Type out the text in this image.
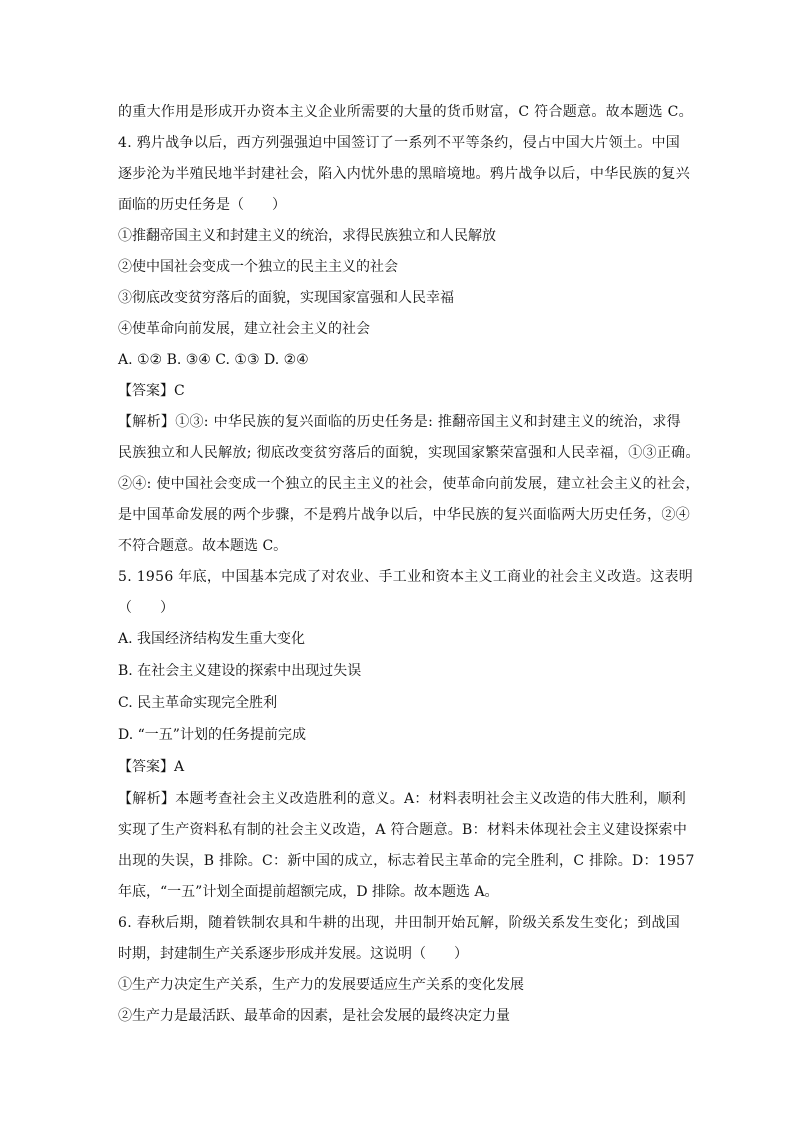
的重大作用是形成开办资本主义企业所需要的大量的货币财富，C 符合题意。故本题选 C。
4. 鸦片战争以后，西方列强强迫中国签订了一系列不平等条约，侵占中国大片领土。中国
逐步沦为半殖民地半封建社会，陷入内忧外患的黑暗境地。鸦片战争以后，中华民族的复兴
面临的历史任务是（　　）
①推翻帝国主义和封建主义的统治，求得民族独立和人民解放
②使中国社会变成一个独立的民主主义的社会
③彻底改变贫穷落后的面貌，实现国家富强和人民幸福
④使革命向前发展，建立社会主义的社会
A. ①② B. ③④ C. ①③ D. ②④
【答案】C
【解析】①③: 中华民族的复兴面临的历史任务是: 推翻帝国主义和封建主义的统治，求得
民族独立和人民解放; 彻底改变贫穷落后的面貌，实现国家繁荣富强和人民幸福，①③正确。
②④: 使中国社会变成一个独立的民主主义的社会，使革命向前发展，建立社会主义的社会，
是中国革命发展的两个步骤，不是鸦片战争以后，中华民族的复兴面临两大历史任务，②④
不符合题意。故本题选 C。
5. 1956 年底，中国基本完成了对农业、手工业和资本主义工商业的社会主义改造。这表明
（　　）
A. 我国经济结构发生重大变化
B. 在社会主义建设的探索中出现过失误
C. 民主革命实现完全胜利
D. “一五”计划的任务提前完成
【答案】A
【解析】本题考查社会主义改造胜利的意义。A：材料表明社会主义改造的伟大胜利，顺利
实现了生产资料私有制的社会主义改造，A 符合题意。B：材料未体现社会主义建设探索中
出现的失误，B 排除。C：新中国的成立，标志着民主革命的完全胜利，C 排除。D：1957
年底，“一五”计划全面提前超额完成，D 排除。故本题选 A。
6. 春秋后期，随着铁制农具和牛耕的出现，井田制开始瓦解，阶级关系发生变化；到战国
时期，封建制生产关系逐步形成并发展。这说明（　　）
①生产力决定生产关系，生产力的发展要适应生产关系的变化发展
②生产力是最活跃、最革命的因素，是社会发展的最终决定力量
